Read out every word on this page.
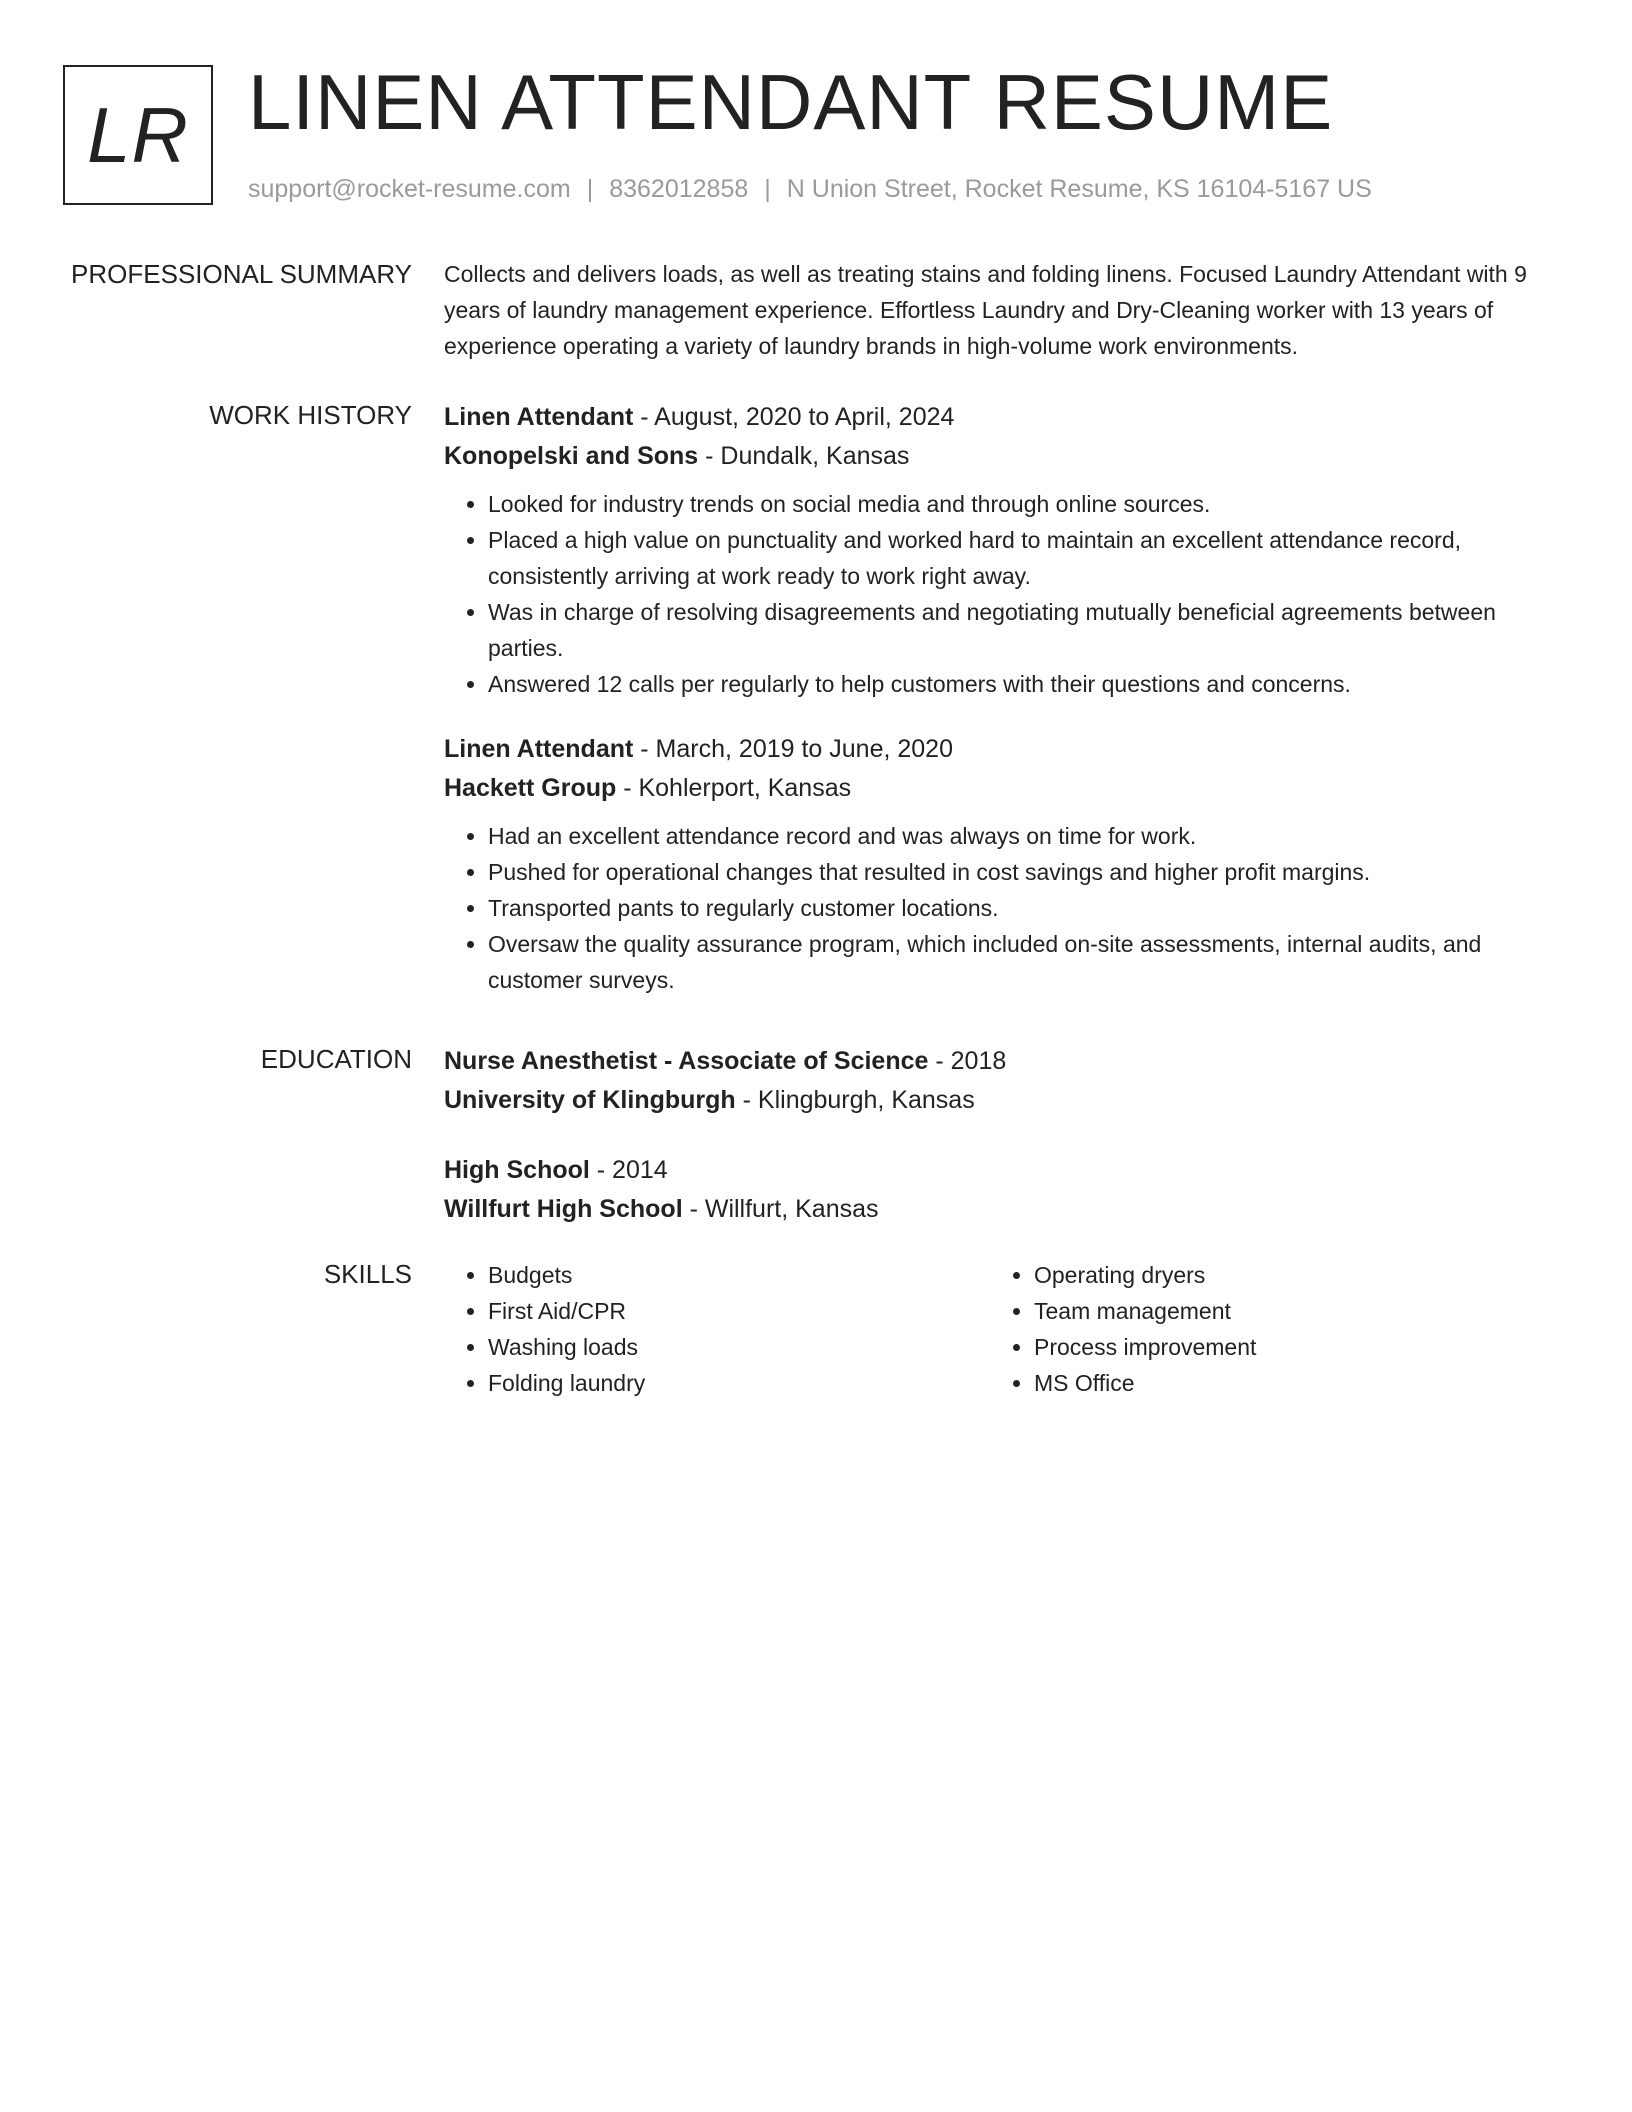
LR LINEN ATTENDANT RESUME
support@rocket-resume.com | 8362012858 | N Union Street, Rocket Resume, KS 16104-5167 US
PROFESSIONAL SUMMARY Collects and delivers loads, as well as treating stains and folding linens. Focused Laundry Attendant with 9 years of laundry management experience. Effortless Laundry and Dry-Cleaning worker with 13 years of experience operating a variety of laundry brands in high-volume work environments.

WORK HISTORY Linen Attendant - August, 2020 to April, 2024
Konopelski and Sons - Dundalk, Kansas
• Looked for industry trends on social media and through online sources.
• Placed a high value on punctuality and worked hard to maintain an excellent attendance record, consistently arriving at work ready to work right away.
• Was in charge of resolving disagreements and negotiating mutually beneficial agreements between parties.
• Answered 12 calls per regularly to help customers with their questions and concerns.
Linen Attendant - March, 2019 to June, 2020
Hackett Group - Kohlerport, Kansas
• Had an excellent attendance record and was always on time for work.
• Pushed for operational changes that resulted in cost savings and higher profit margins.
• Transported pants to regularly customer locations.
• Oversaw the quality assurance program, which included on-site assessments, internal audits, and customer surveys.
EDUCATION Nurse Anesthetist - Associate of Science - 2018
University of Klingburgh - Klingburgh, Kansas
High School - 2014
Willfurt High School - Willfurt, Kansas
SKILLS
•	Budgets
• First Aid/CPR
• Washing loads
• Folding laundry
• Operating dryers
• Team management
• Process improvement
• MS Office
